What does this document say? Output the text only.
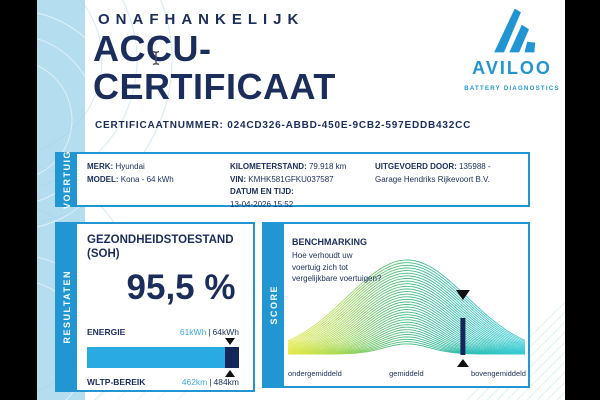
ONAFHANKELIJK
ACCU-
CERTIFICAAT
CERTIFICAATNUMMER: 024CD326-ABBD-450E-9CB2-597EDDB432CC
AVILOO
BATTERY DIAGNOSTICS
VOERTUIG MERK: Hyundai
MODEL: Kona - 64 kWh
KILOMETERSTAND: 79.918 km
VIN: KMHK581GFKU037587
DATUM EN TIJD:
13-04-2026 15:52
UITGEVOERD DOOR: 135988 - Garage Hendriks Rijkevoort B.V.
RESULTATEN
GEZONDHEIDSTOESTAND
(SOH)
95,5 %
ENERGIE	61kWh | 64kWh
WLTP-BEREIK	462km | 484km
SCORE
BENCHMARKING
Hoe verhoudt uw
voertuig zich tot
vergelijkbare voertuigen?
ondergemiddeld	gemiddeld	bovengemiddeld
